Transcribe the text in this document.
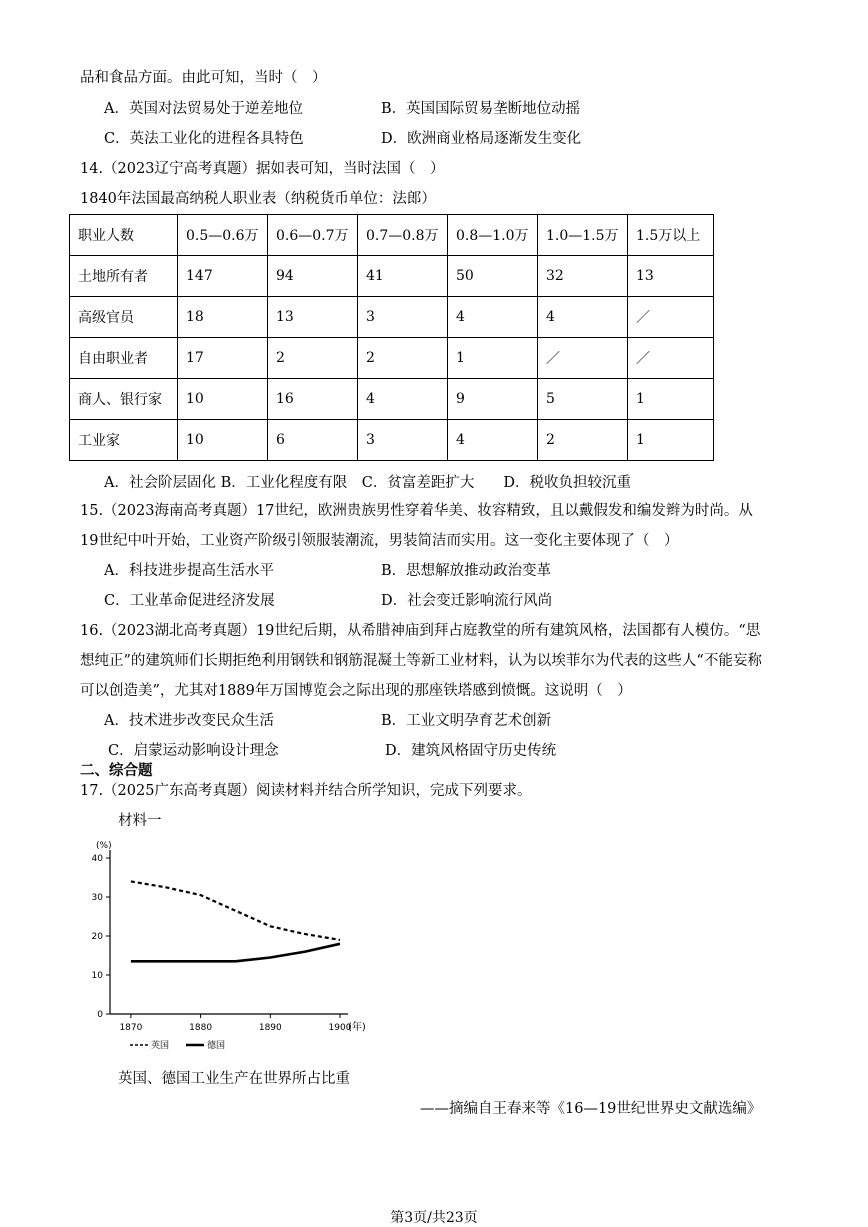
品和食品方面。由此可知，当时（　）
A．英国对法贸易处于逆差地位	B．英国国际贸易垄断地位动摇
C．英法工业化的进程各具特色	D．欧洲商业格局逐渐发生变化
14.（2023辽宁高考真题）据如表可知，当时法国（　）
1840年法国最高纳税人职业表（纳税货币单位：法郎）
职业人数	0.5—0.6万	0.6—0.7万	0.7—0.8万	0.8—1.0万	1.0—1.5万	1.5万以上
土地所有者	147	94	41	50	32	13
高级官员	18	13	3	4	4	／
自由职业者	17	2	2	1	／	／
商人、银行家	10	16	4	9	5	1
工业家	10	6	3	4	2	1
A．社会阶层固化 B．工业化程度有限　C．贫富差距扩大　　D．税收负担较沉重
15.（2023海南高考真题）17世纪，欧洲贵族男性穿着华美、妆容精致，且以戴假发和编发辫为时尚。从
19世纪中叶开始，工业资产阶级引领服装潮流，男装简洁而实用。这一变化主要体现了（　）
A．科技进步提高生活水平	B．思想解放推动政治变革
C．工业革命促进经济发展	D．社会变迁影响流行风尚
16.（2023湖北高考真题）19世纪后期，从希腊神庙到拜占庭教堂的所有建筑风格，法国都有人模仿。“思
想纯正”的建筑师们长期拒绝利用钢铁和钢筋混凝土等新工业材料，认为以埃菲尔为代表的这些人“不能妄称
可以创造美”，尤其对1889年万国博览会之际出现的那座铁塔感到愤慨。这说明（　）
A．技术进步改变民众生活	B．工业文明孕育艺术创新
C．启蒙运动影响设计理念	D．建筑风格固守历史传统
二、综合题
17.（2025广东高考真题）阅读材料并结合所学知识，完成下列要求。
材料一
(%)
(年)
0
10
20
30
40
1870	1880	1890	1900
英国	德国
英国、德国工业生产在世界所占比重
——摘编自王春来等《16—19世纪世界史文献选编》
第3页/共23页
